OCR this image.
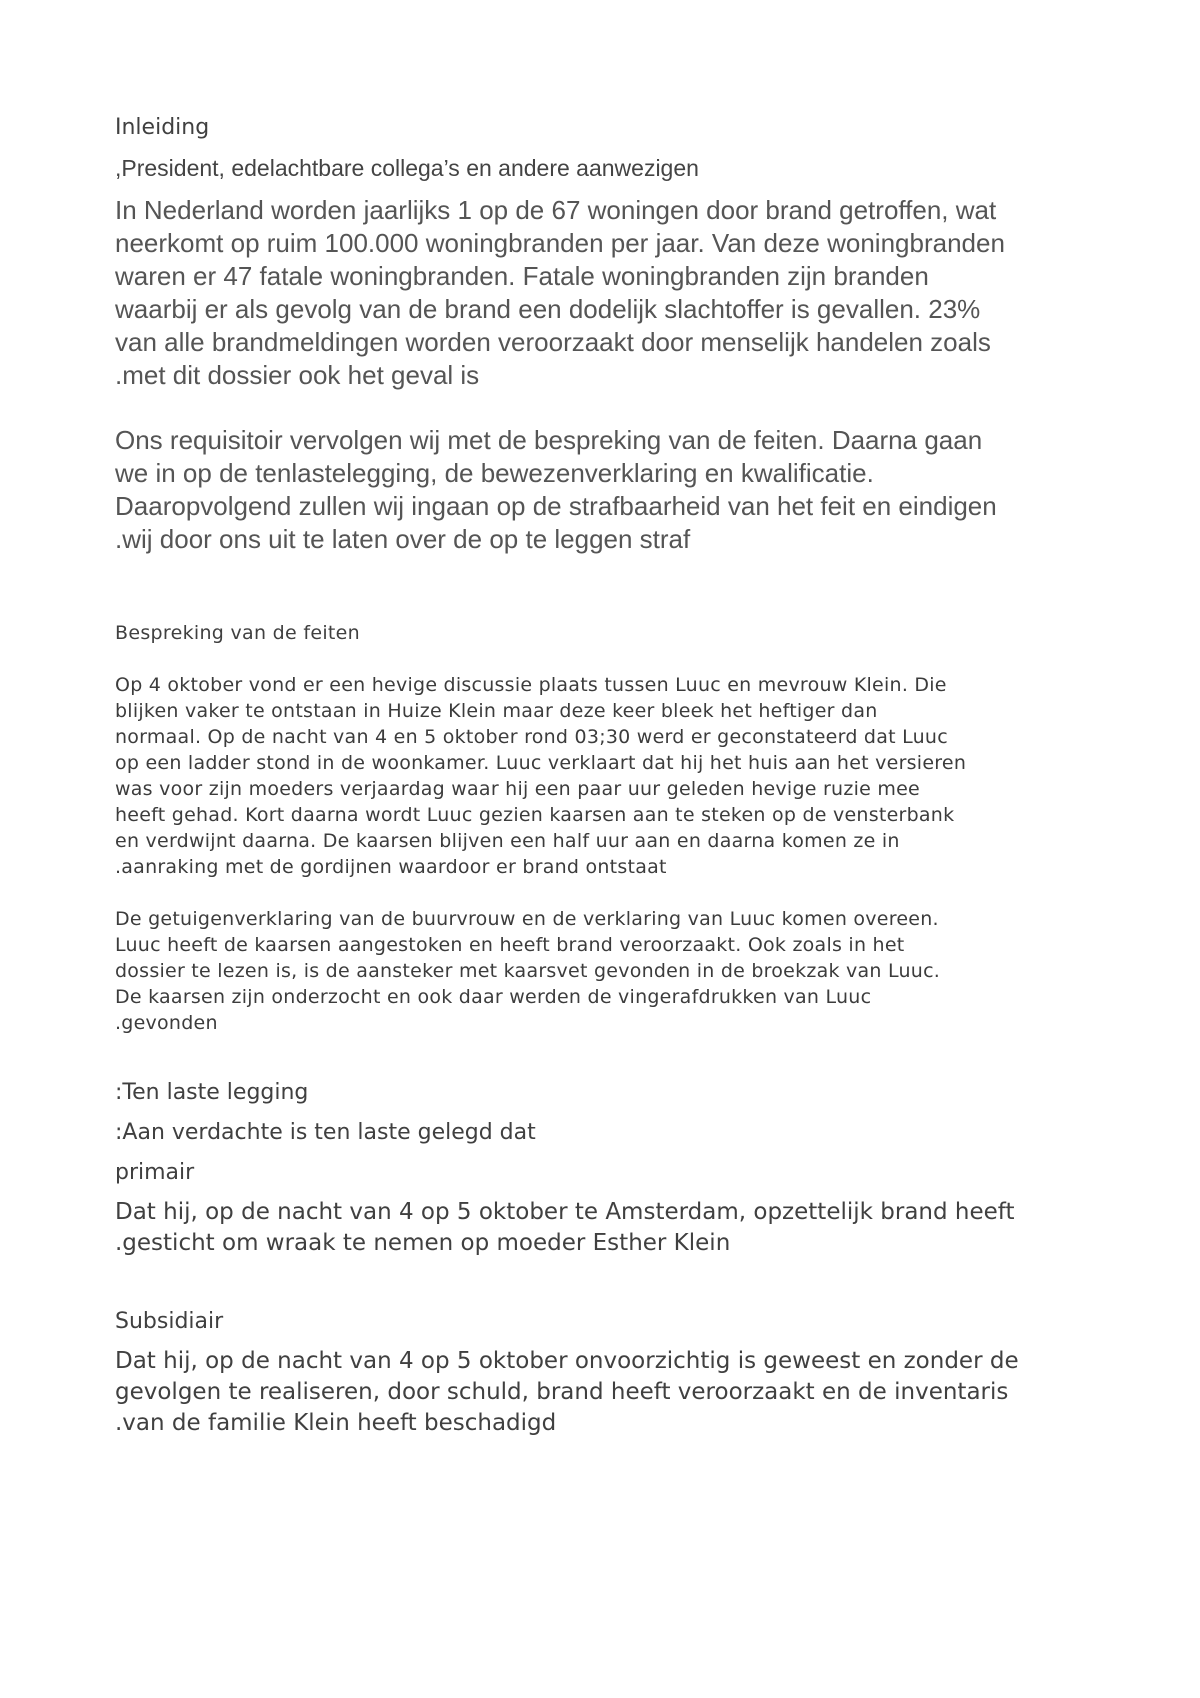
Inleiding
,President, edelachtbare collega’s en andere aanwezigen
In Nederland worden jaarlijks 1 op de 67 woningen door brand getroffen, wat
neerkomt op ruim 100.000 woningbranden per jaar. Van deze woningbranden
waren er 47 fatale woningbranden. Fatale woningbranden zijn branden
waarbij er als gevolg van de brand een dodelijk slachtoffer is gevallen. 23%
van alle brandmeldingen worden veroorzaakt door menselijk handelen zoals
.met dit dossier ook het geval is
Ons requisitoir vervolgen wij met de bespreking van de feiten. Daarna gaan
we in op de tenlastelegging, de bewezenverklaring en kwalificatie.
Daaropvolgend zullen wij ingaan op de strafbaarheid van het feit en eindigen
.wij door ons uit te laten over de op te leggen straf
Bespreking van de feiten
Op 4 oktober vond er een hevige discussie plaats tussen Luuc en mevrouw Klein. Die
blijken vaker te ontstaan in Huize Klein maar deze keer bleek het heftiger dan
normaal. Op de nacht van 4 en 5 oktober rond 03;30 werd er geconstateerd dat Luuc
op een ladder stond in de woonkamer. Luuc verklaart dat hij het huis aan het versieren
was voor zijn moeders verjaardag waar hij een paar uur geleden hevige ruzie mee
heeft gehad. Kort daarna wordt Luuc gezien kaarsen aan te steken op de vensterbank
en verdwijnt daarna. De kaarsen blijven een half uur aan en daarna komen ze in
.aanraking met de gordijnen waardoor er brand ontstaat
De getuigenverklaring van de buurvrouw en de verklaring van Luuc komen overeen.
Luuc heeft de kaarsen aangestoken en heeft brand veroorzaakt. Ook zoals in het
dossier te lezen is, is de aansteker met kaarsvet gevonden in de broekzak van Luuc.
De kaarsen zijn onderzocht en ook daar werden de vingerafdrukken van Luuc
.gevonden
:Ten laste legging
:Aan verdachte is ten laste gelegd dat
primair
Dat hij, op de nacht van 4 op 5 oktober te Amsterdam, opzettelijk brand heeft
.gesticht om wraak te nemen op moeder Esther Klein
Subsidiair
Dat hij, op de nacht van 4 op 5 oktober onvoorzichtig is geweest en zonder de
gevolgen te realiseren, door schuld, brand heeft veroorzaakt en de inventaris
.van de familie Klein heeft beschadigd
